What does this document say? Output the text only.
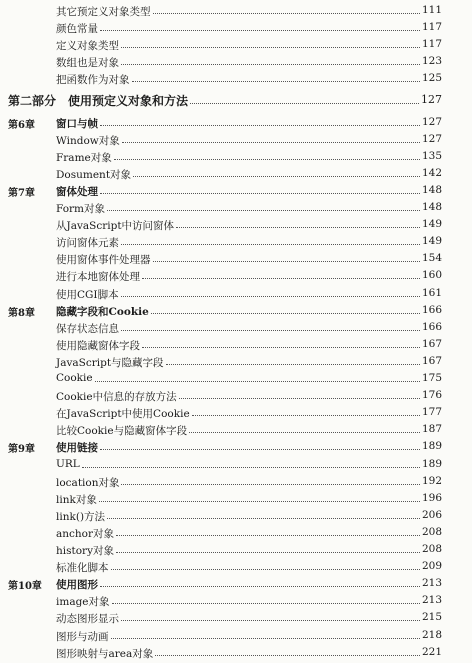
其它预定义对象类型	111
颜色常量	117
定义对象类型	117
数组也是对象	123
把函数作为对象	125
第二部分　使用预定义对象和方法	127
第6章 窗口与帧	127
Window对象	127
Frame对象	135
Dosument对象	142
第7章 窗体处理	148
Form对象	148
从JavaScript中访问窗体	149
访问窗体元素	149
使用窗体事件处理器	154
进行本地窗体处理	160
使用CGI脚本	161
第8章 隐藏字段和Cookie	166
保存状态信息	166
使用隐藏窗体字段	167
JavaScript与隐藏字段	167
Cookie	175
Cookie中信息的存放方法	176
在JavaScript中使用Cookie	177
比较Cookie与隐藏窗体字段	187
第9章 使用链接	189
URL	189
location对象	192
link对象	196
link()方法	206
anchor对象	208
history对象	208
标准化脚本	209
第10章 使用图形	213
image对象	213
动态图形显示	215
图形与动画	218
图形映射与area对象	221
